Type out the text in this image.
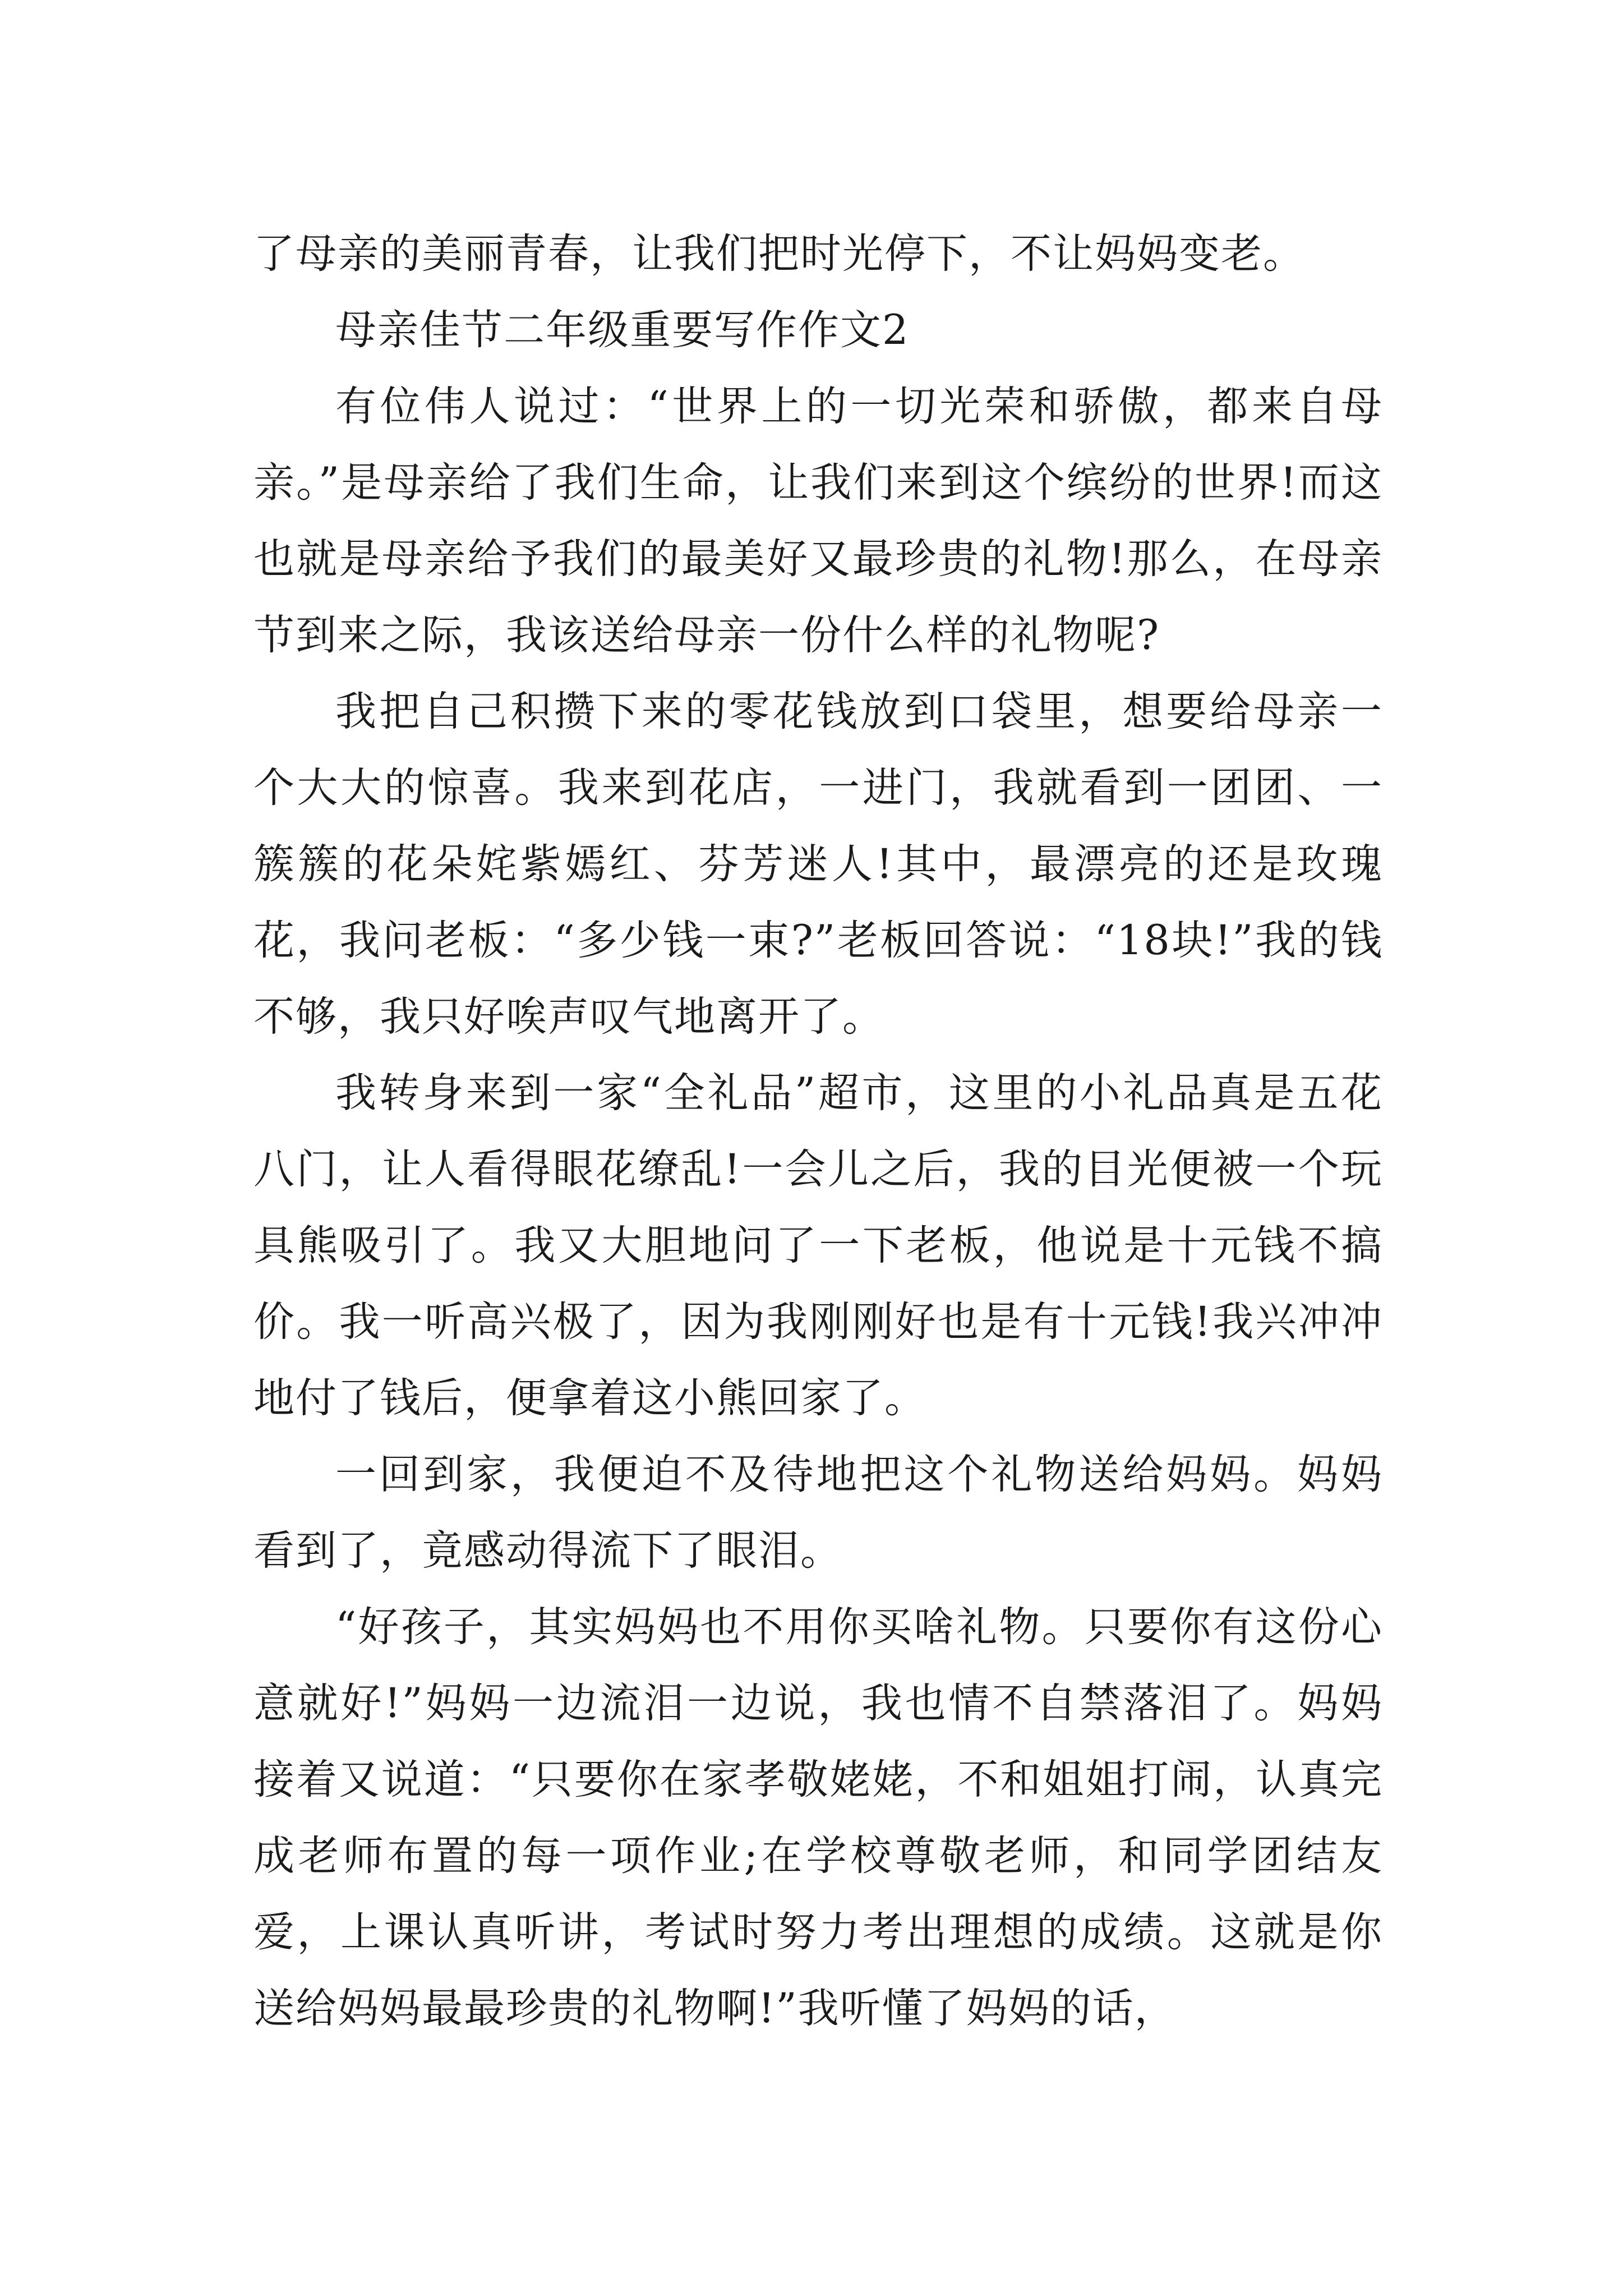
了母亲的美丽青春，让我们把时光停下，不让妈妈变老。

母亲佳节二年级重要写作作文2

有位伟人说过：“世界上的一切光荣和骄傲，都来自母亲。”是母亲给了我们生命，让我们来到这个缤纷的世界!而这也就是母亲给予我们的最美好又最珍贵的礼物!那么，在母亲节到来之际，我该送给母亲一份什么样的礼物呢?

我把自己积攒下来的零花钱放到口袋里，想要给母亲一个大大的惊喜。我来到花店，一进门，我就看到一团团、一簇簇的花朵姹紫嫣红、芬芳迷人!其中，最漂亮的还是玫瑰花，我问老板：“多少钱一束?”老板回答说：“18块!”我的钱不够，我只好唉声叹气地离开了。

我转身来到一家“全礼品”超市，这里的小礼品真是五花八门，让人看得眼花缭乱!一会儿之后，我的目光便被一个玩具熊吸引了。我又大胆地问了一下老板，他说是十元钱不搞价。我一听高兴极了，因为我刚刚好也是有十元钱!我兴冲冲地付了钱后，便拿着这小熊回家了。

一回到家，我便迫不及待地把这个礼物送给妈妈。妈妈看到了，竟感动得流下了眼泪。

“好孩子，其实妈妈也不用你买啥礼物。只要你有这份心意就好!”妈妈一边流泪一边说，我也情不自禁落泪了。妈妈接着又说道：“只要你在家孝敬姥姥，不和姐姐打闹，认真完成老师布置的每一项作业;在学校尊敬老师，和同学团结友爱，上课认真听讲，考试时努力考出理想的成绩。这就是你送给妈妈最最珍贵的礼物啊!”我听懂了妈妈的话，
